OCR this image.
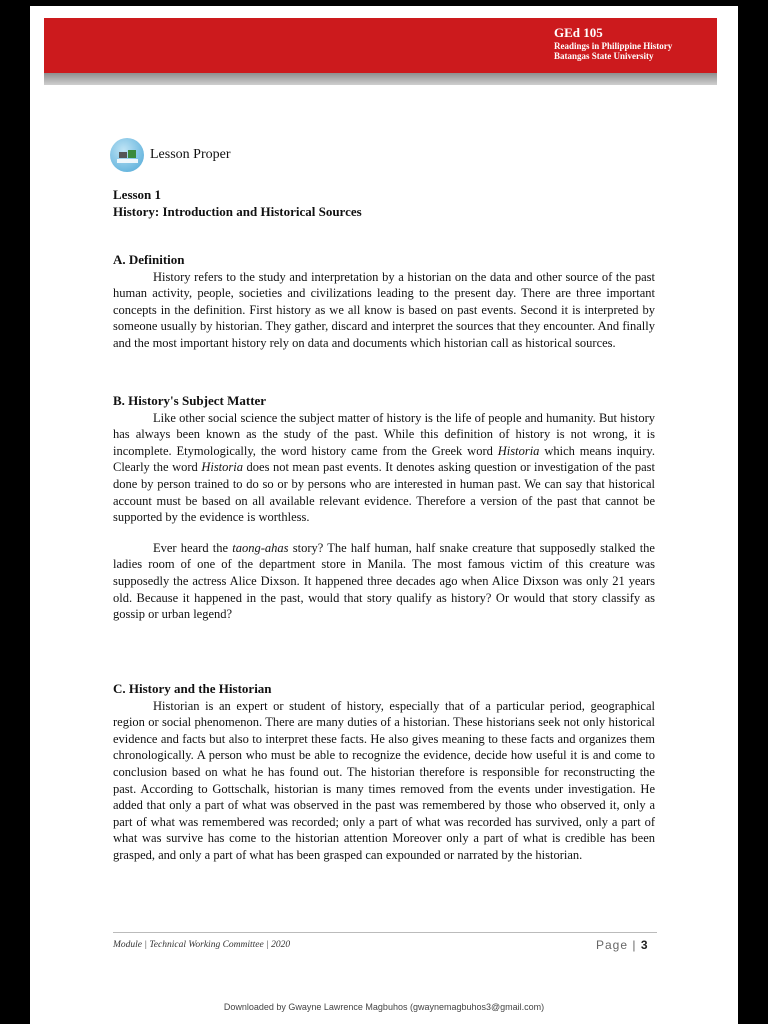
GEd 105
Readings in Philippine History
Batangas State University
Lesson Proper
Lesson 1
History: Introduction and Historical Sources
A. Definition

History refers to the study and interpretation by a historian on the data and other source of the past human activity, people, societies and civilizations leading to the present day. There are three important concepts in the definition. First history as we all know is based on past events. Second it is interpreted by someone usually by historian. They gather, discard and interpret the sources that they encounter. And finally and the most important history rely on data and documents which historian call as historical sources.

B. History's Subject Matter

Like other social science the subject matter of history is the life of people and humanity. But history has always been known as the study of the past. While this definition of history is not wrong, it is incomplete. Etymologically, the word history came from the Greek word Historia which means inquiry. Clearly the word Historia does not mean past events. It denotes asking question or investigation of the past done by person trained to do so or by persons who are interested in human past. We can say that historical account must be based on all available relevant evidence. Therefore a version of the past that cannot be supported by the evidence is worthless.

Ever heard the taong-ahas story? The half human, half snake creature that supposedly stalked the ladies room of one of the department store in Manila. The most famous victim of this creature was supposedly the actress Alice Dixson. It happened three decades ago when Alice Dixson was only 21 years old. Because it happened in the past, would that story qualify as history? Or would that story classify as gossip or urban legend?

C. History and the Historian

Historian is an expert or student of history, especially that of a particular period, geographical region or social phenomenon. There are many duties of a historian. These historians seek not only historical evidence and facts but also to interpret these facts. He also gives meaning to these facts and organizes them chronologically. A person who must be able to recognize the evidence, decide how useful it is and come to conclusion based on what he has found out. The historian therefore is responsible for reconstructing the past. According to Gottschalk, historian is many times removed from the events under investigation. He added that only a part of what was observed in the past was remembered by those who observed it, only a part of what was remembered was recorded; only a part of what was recorded has survived, only a part of what was survive has come to the historian attention Moreover only a part of what is credible has been grasped, and only a part of what has been grasped can expounded or narrated by the historian.

Module | Technical Working Committee | 2020	Page | 3
Downloaded by Gwayne Lawrence Magbuhos (gwaynemagbuhos3@gmail.com)
